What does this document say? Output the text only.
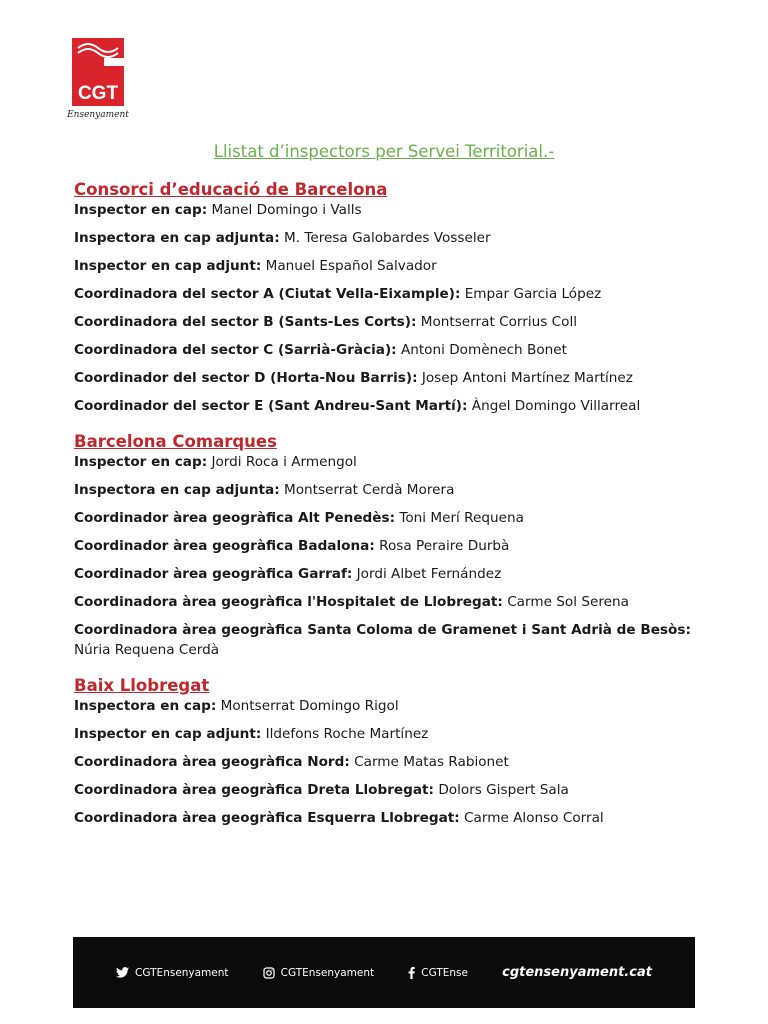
CGT
Ensenyament
Llistat d’inspectors per Servei Territorial.-
Consorci d’educació de Barcelona

Inspector en cap: Manel Domingo i Valls

Inspectora en cap adjunta: M. Teresa Galobardes Vosseler

Inspector en cap adjunt: Manuel Español Salvador

Coordinadora del sector A (Ciutat Vella-Eixample): Empar Garcia López

Coordinadora del sector B (Sants-Les Corts): Montserrat Corrius Coll

Coordinadora del sector C (Sarrià-Gràcia): Antoni Domènech Bonet

Coordinador del sector D (Horta-Nou Barris): Josep Antoni Martínez Martínez

Coordinador del sector E (Sant Andreu-Sant Martí): Àngel Domingo Villarreal

Barcelona Comarques

Inspector en cap: Jordi Roca i Armengol

Inspectora en cap adjunta: Montserrat Cerdà Morera

Coordinador àrea geogràfica Alt Penedès: Toni Merí Requena

Coordinador àrea geogràfica Badalona: Rosa Peraire Durbà

Coordinador àrea geogràfica Garraf: Jordi Albet Fernández

Coordinadora àrea geogràfica l'Hospitalet de Llobregat: Carme Sol Serena

Coordinadora àrea geogràfica Santa Coloma de Gramenet i Sant Adrià de Besòs: Núria Requena Cerdà

Baix Llobregat

Inspectora en cap: Montserrat Domingo Rigol

Inspector en cap adjunt: Ildefons Roche Martínez

Coordinadora àrea geogràfica Nord: Carme Matas Rabionet

Coordinadora àrea geogràfica Dreta Llobregat: Dolors Gispert Sala

Coordinadora àrea geogràfica Esquerra Llobregat: Carme Alonso Corral

CGTEnsenyament	CGTEnsenyament	CGTEnse	cgtensenyament.cat
